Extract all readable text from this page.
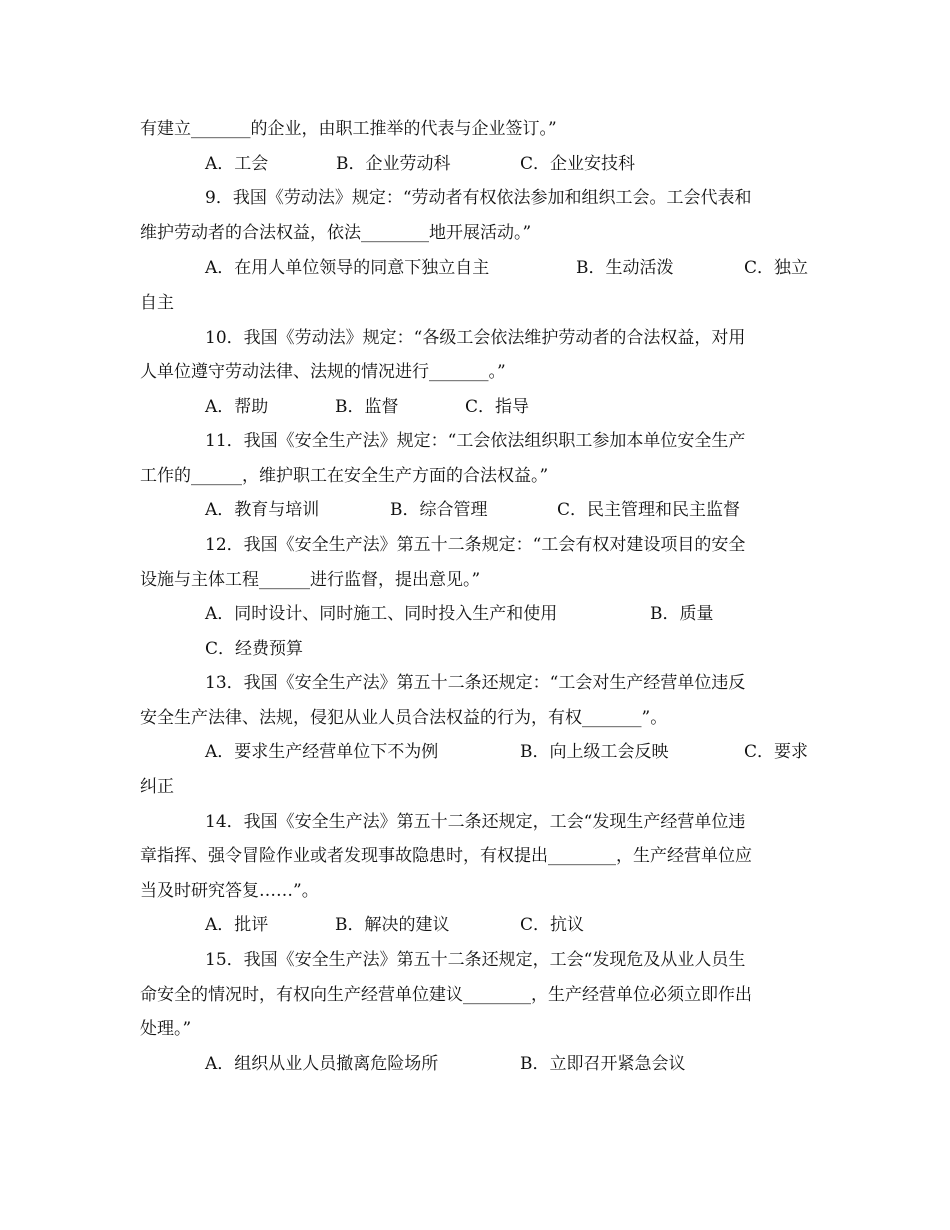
有建立_______的企业，由职工推举的代表与企业签订。”
A．工会	B．企业劳动科	C．企业安技科
9．我国《劳动法》规定：“劳动者有权依法参加和组织工会。工会代表和
维护劳动者的合法权益，依法________地开展活动。”
A．在用人单位领导的同意下独立自主	B．生动活泼	C．独立
自主
10．我国《劳动法》规定：“各级工会依法维护劳动者的合法权益，对用
人单位遵守劳动法律、法规的情况进行_______。”
A．帮助	B．监督	C．指导
11．我国《安全生产法》规定：“工会依法组织职工参加本单位安全生产
工作的______，维护职工在安全生产方面的合法权益。”
A．教育与培训	B．综合管理	C．民主管理和民主监督
12．我国《安全生产法》第五十二条规定：“工会有权对建设项目的安全
设施与主体工程______进行监督，提出意见。”
A．同时设计、同时施工、同时投入生产和使用	B．质量
C．经费预算
13．我国《安全生产法》第五十二条还规定：“工会对生产经营单位违反
安全生产法律、法规，侵犯从业人员合法权益的行为，有权_______”。
A．要求生产经营单位下不为例	B．向上级工会反映	C．要求
纠正
14．我国《安全生产法》第五十二条还规定，工会“发现生产经营单位违
章指挥、强令冒险作业或者发现事故隐患时，有权提出________，生产经营单位应
当及时研究答复……”。
A．批评	B．解决的建议	C．抗议
15．我国《安全生产法》第五十二条还规定，工会“发现危及从业人员生
命安全的情况时，有权向生产经营单位建议________，生产经营单位必须立即作出
处理。”
A．组织从业人员撤离危险场所	B．立即召开紧急会议
